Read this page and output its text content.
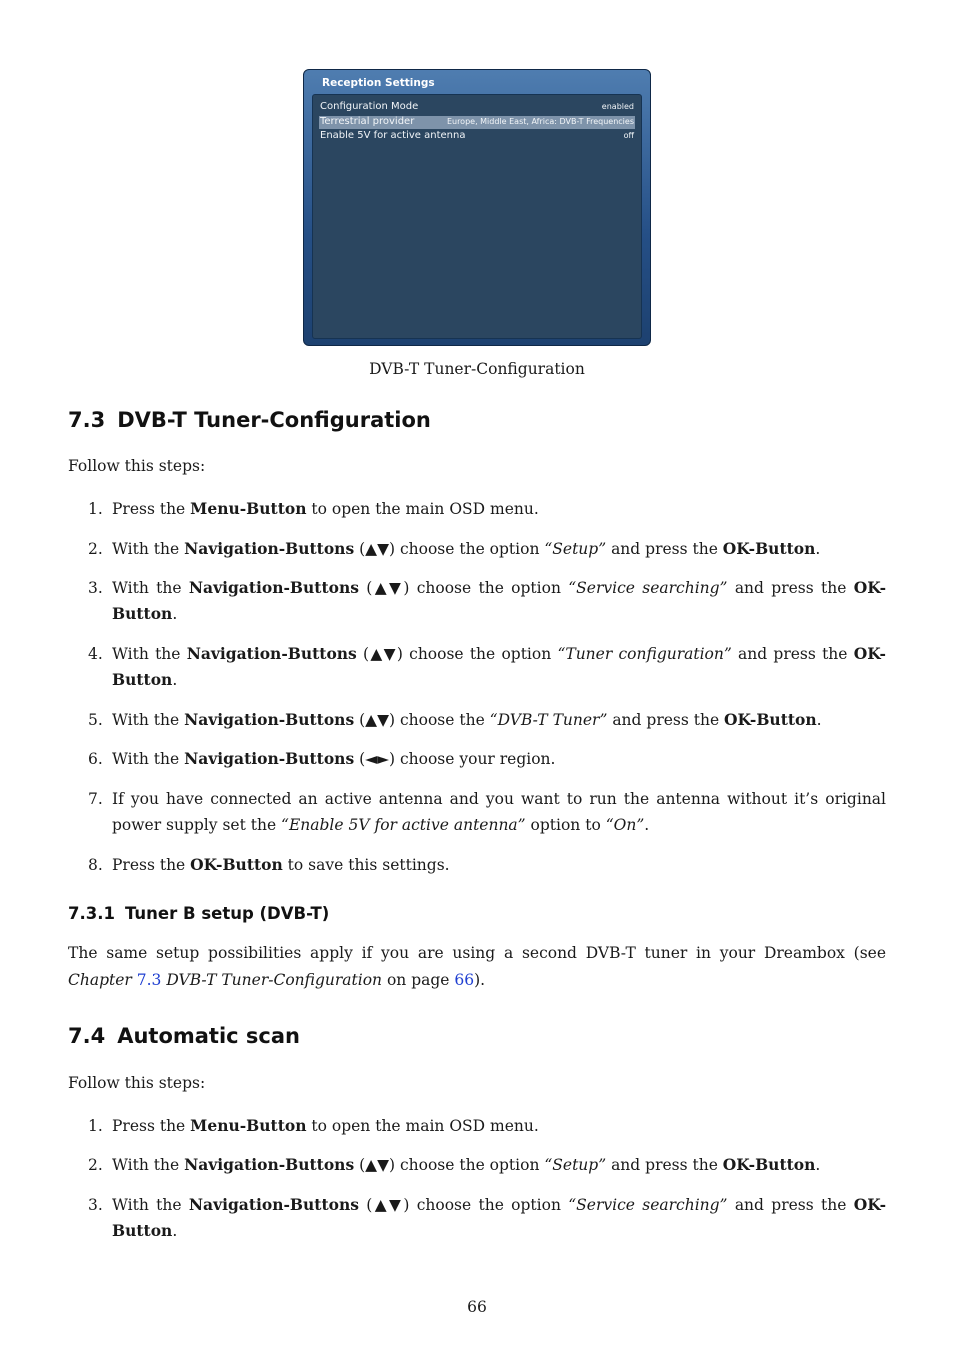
Reception Settings
Configuration Mode	enabled
Terrestrial provider	Europe, Middle East, Africa: DVB-T Frequencies
Enable 5V for active antenna	off
DVB-T Tuner-Configuration
7.3 DVB-T Tuner-Configuration

Follow this steps:

1. Press the Menu-Button to open the main OSD menu.
2. With the Navigation-Buttons (▲▼) choose the option “Setup” and press the OK-Button.
3. With the Navigation-Buttons (▲▼) choose the option “Service searching” and press the OK-Button.
4. With the Navigation-Buttons (▲▼) choose the option “Tuner configuration” and press the OK-Button.
5. With the Navigation-Buttons (▲▼) choose the “DVB-T Tuner” and press the OK-Button.
6. With the Navigation-Buttons (◄►) choose your region.
7. If you have connected an active antenna and you want to run the antenna without it’s original power supply set the “Enable 5V for active antenna” option to “On”.
8. Press the OK-Button to save this settings.
7.3.1 Tuner B setup (DVB-T)

The same setup possibilities apply if you are using a second DVB-T tuner in your Dreambox (see Chapter 7.3 DVB-T Tuner-Configuration on page 66).

7.4 Automatic scan

Follow this steps:

1. Press the Menu-Button to open the main OSD menu.
2. With the Navigation-Buttons (▲▼) choose the option “Setup” and press the OK-Button.
3. With the Navigation-Buttons (▲▼) choose the option “Service searching” and press the OK-Button.
66
